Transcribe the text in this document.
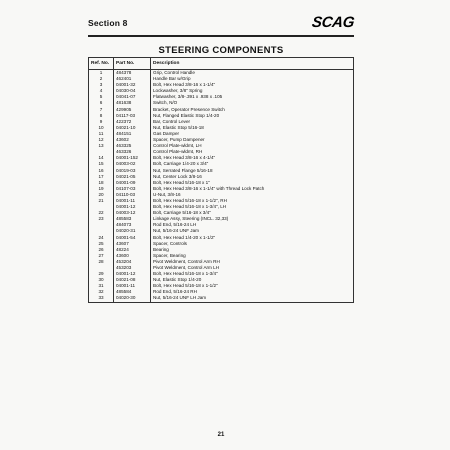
Section 8	SCAG
STEERING COMPONENTS
Ref. No.	Part No.	Description
1	484378	Grip, Control Handle
2	462401	Handle Bar w/Grip
3	04001-32	Bolt, Hex Head 3/8-16 x 1-1/4"
4	04030-04	Lockwasher, 3/8" Spring
5	04041-07	Flatwasher, 3/8-.391 x .938 x .105
6	481638	Switch, N/O
7	429905	Bracket, Operator Presence Switch
8	04117-03	Nut, Flanged Elastic Stop 1/4-20
9	422372	Bar, Control Lever
10	04021-10	Nut, Elastic Stop 5/16-18
11	484151	Gas Damper
12	43602	Spacer, Pump Dampener
13	463325	Control Plate-wldmt, LH
	463326	Control Plate-wldmt, RH
14	04001-152	Bolt, Hex Head 3/8-16 x 4-1/4"
15	04003-02	Bolt, Carriage 1/4-20 x 3/4"
16	04019-03	Nut, Serrated Flange 5/16-18
17	04021-05	Nut, Center Lock 3/8-16
18	04001-09	Bolt, Hex Head 5/16-18 x 1"
19	04107-03	Bolt, Hex Head 3/8-16 x 1-1/4" with Thread Lock Patch
20	04110-03	U-Nut, 3/8-16
21	04001-11	Bolt, Hex Head 5/16-18 x 1-1/2", RH
	04001-12	Bolt, Hex Head 5/16-18 x 1-3/4", LH
22	04003-12	Bolt, Carriage 5/16-18 x 3/4"
23	485583	Linkage Assy, Steering (INCL. 32,33)
	484073	Rod End, 5/16-24 LH
	04020-31	Nut, 5/16-24 UNF Jam
24	04001-54	Bolt, Hex Head 1/4-20 x 1-1/2"
25	43607	Spacer, Controls
26	48224	Bearing
27	43600	Spacer, Bearing
28	453204	Pivot Weldment, Control Arm RH
	453203	Pivot Weldment, Control Arm LH
29	04001-12	Bolt, Hex Head 5/16-18 x 1-3/4"
30	04021-08	Nut, Elastic Stop 1/4-20
31	04001-11	Bolt, Hex Head 5/16-18 x 1-1/2"
32	485584	Rod End, 5/16-24 RH
33	04020-30	Nut, 5/16-24 UNF LH Jam
21
